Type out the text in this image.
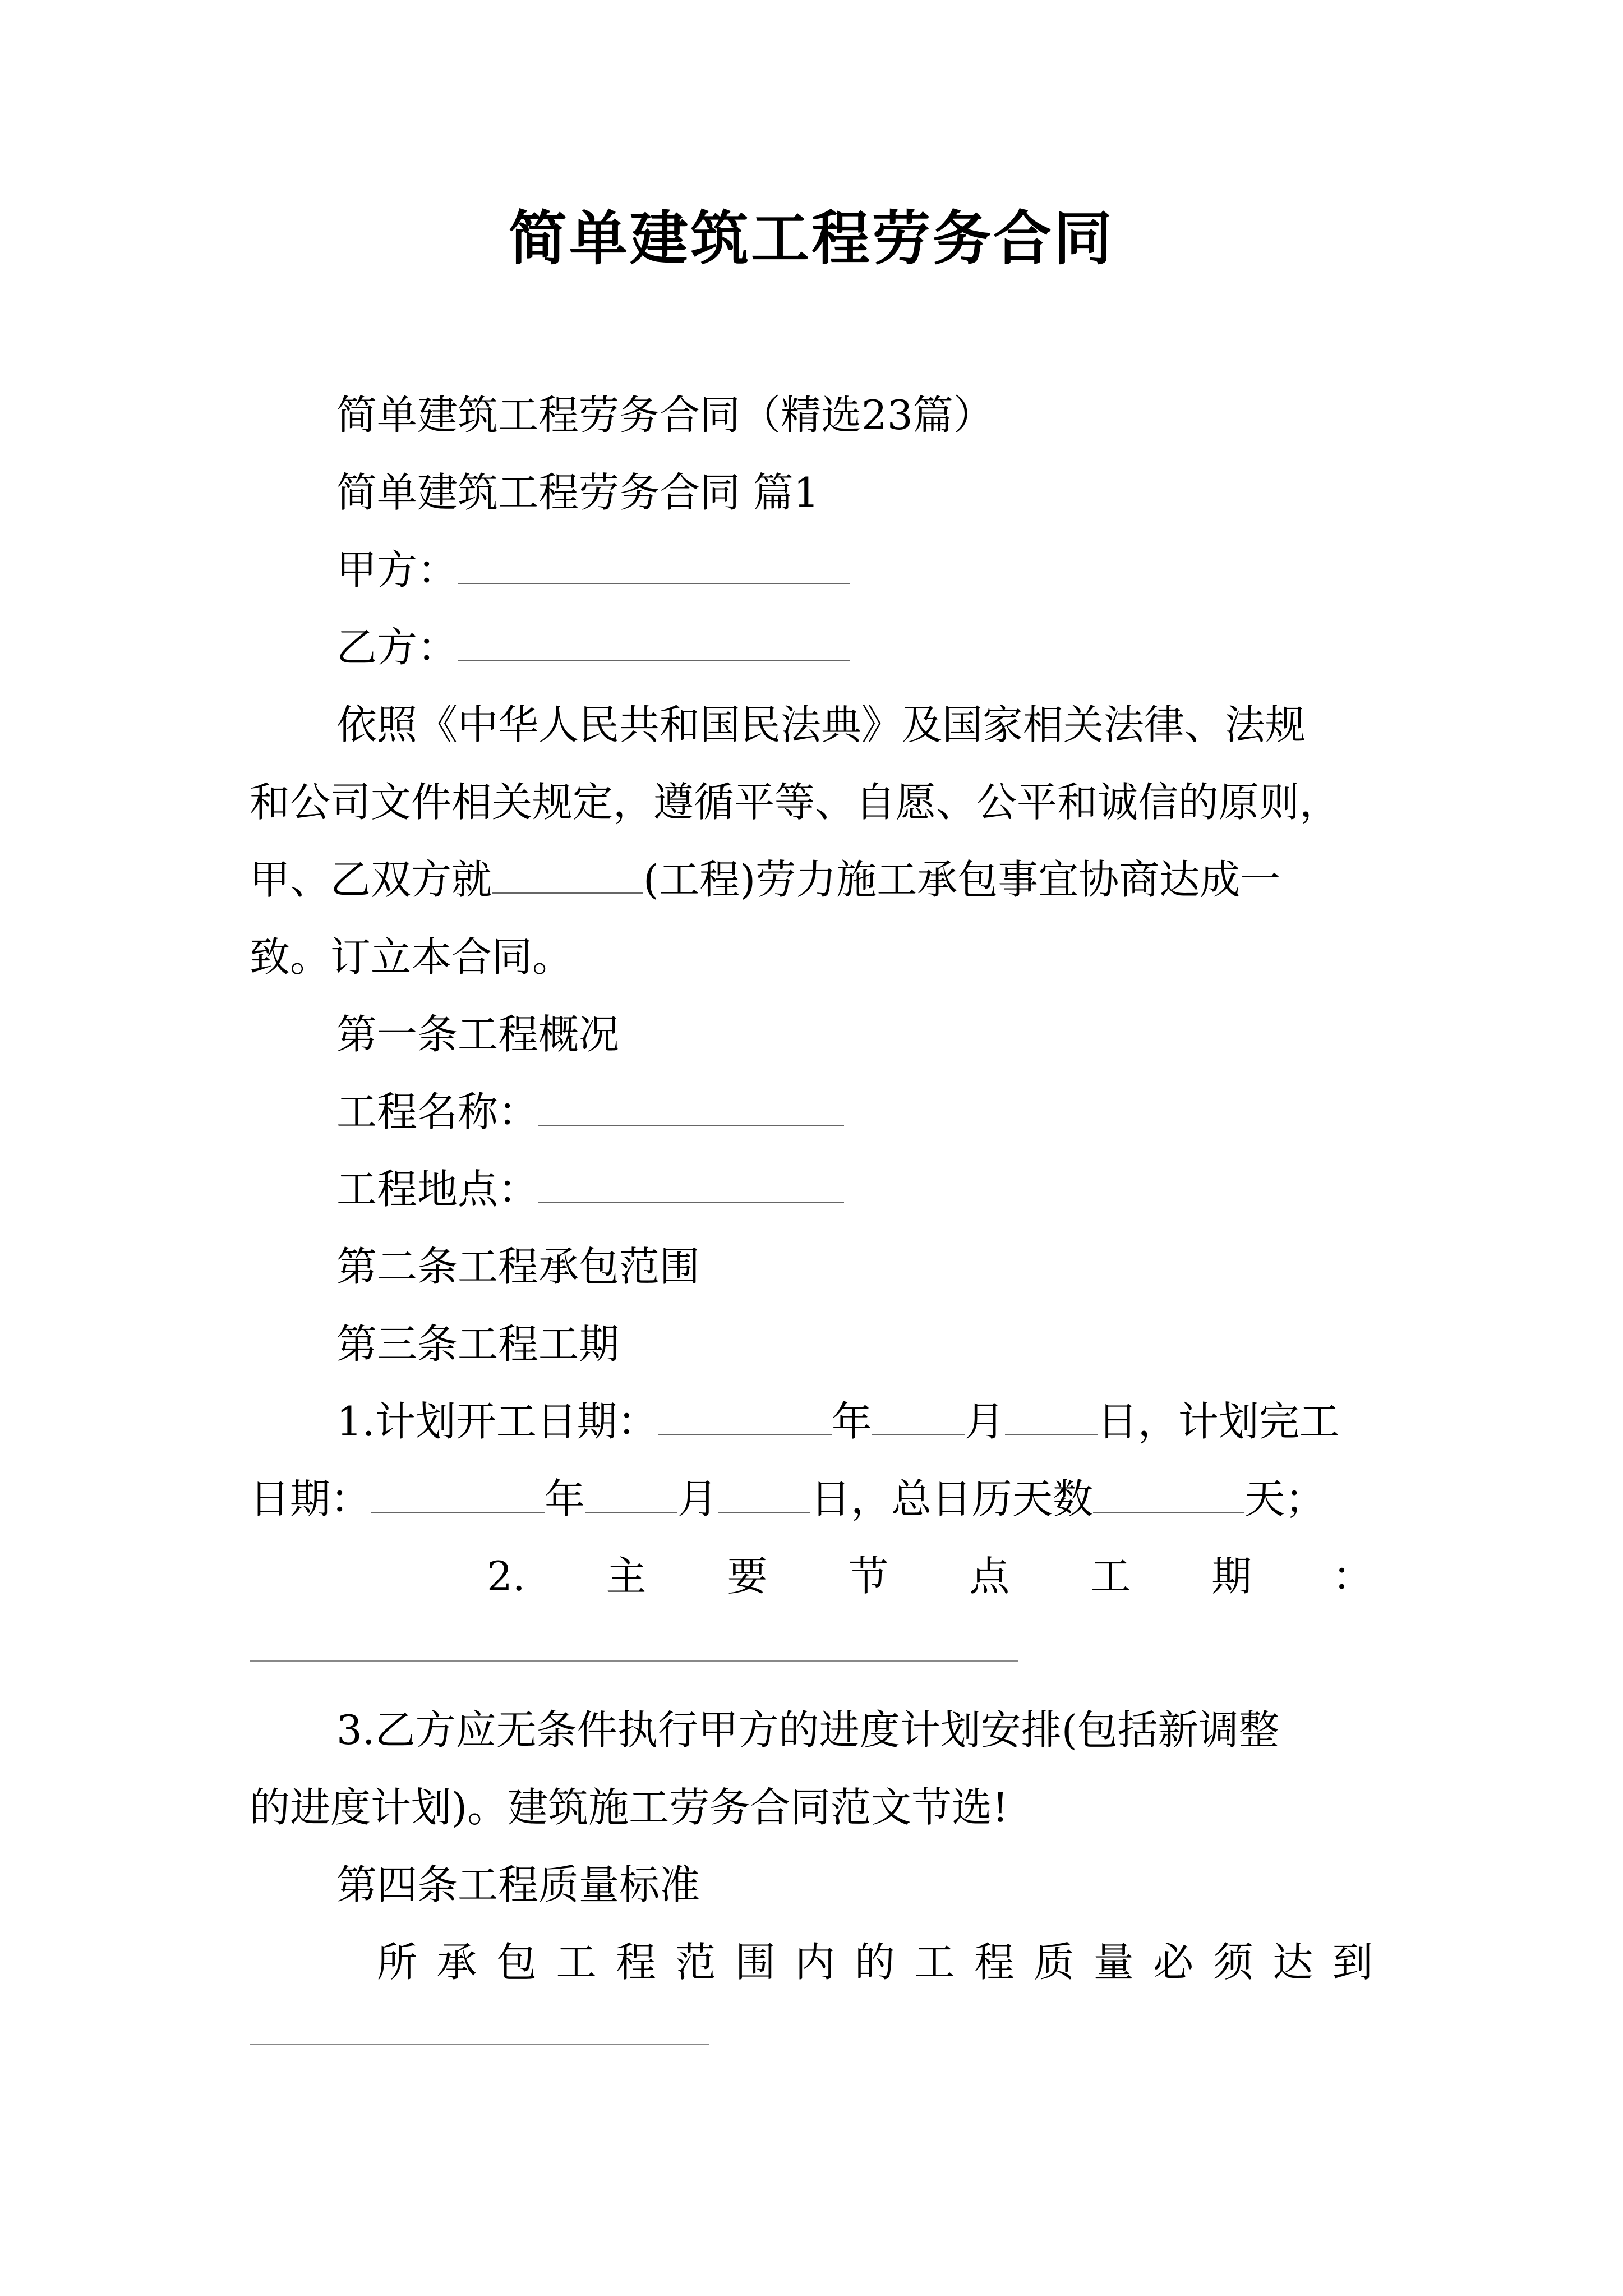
简单建筑工程劳务合同
简单建筑工程劳务合同（精选23篇）
简单建筑工程劳务合同 篇1
甲方：
乙方：
依照《中华人民共和国民法典》及国家相关法律、法规
和公司文件相关规定，遵循平等、自愿、公平和诚信的原则，
甲、乙双方就	(工程)劳力施工承包事宜协商达成一
致。订立本合同。
第一条工程概况
工程名称：
工程地点：
第二条工程承包范围
第三条工程工期
1.计划开工日期：	年 月 日，计划完工
日期：	年 月 日，总日历天数	天；
2. 主 要 节 点 工 期 ：
3.乙方应无条件执行甲方的进度计划安排(包括新调整
的进度计划)。建筑施工劳务合同范文节选!
第四条工程质量标准
所 承 包 工 程 范 围 内 的 工 程 质 量 必 须 达 到
